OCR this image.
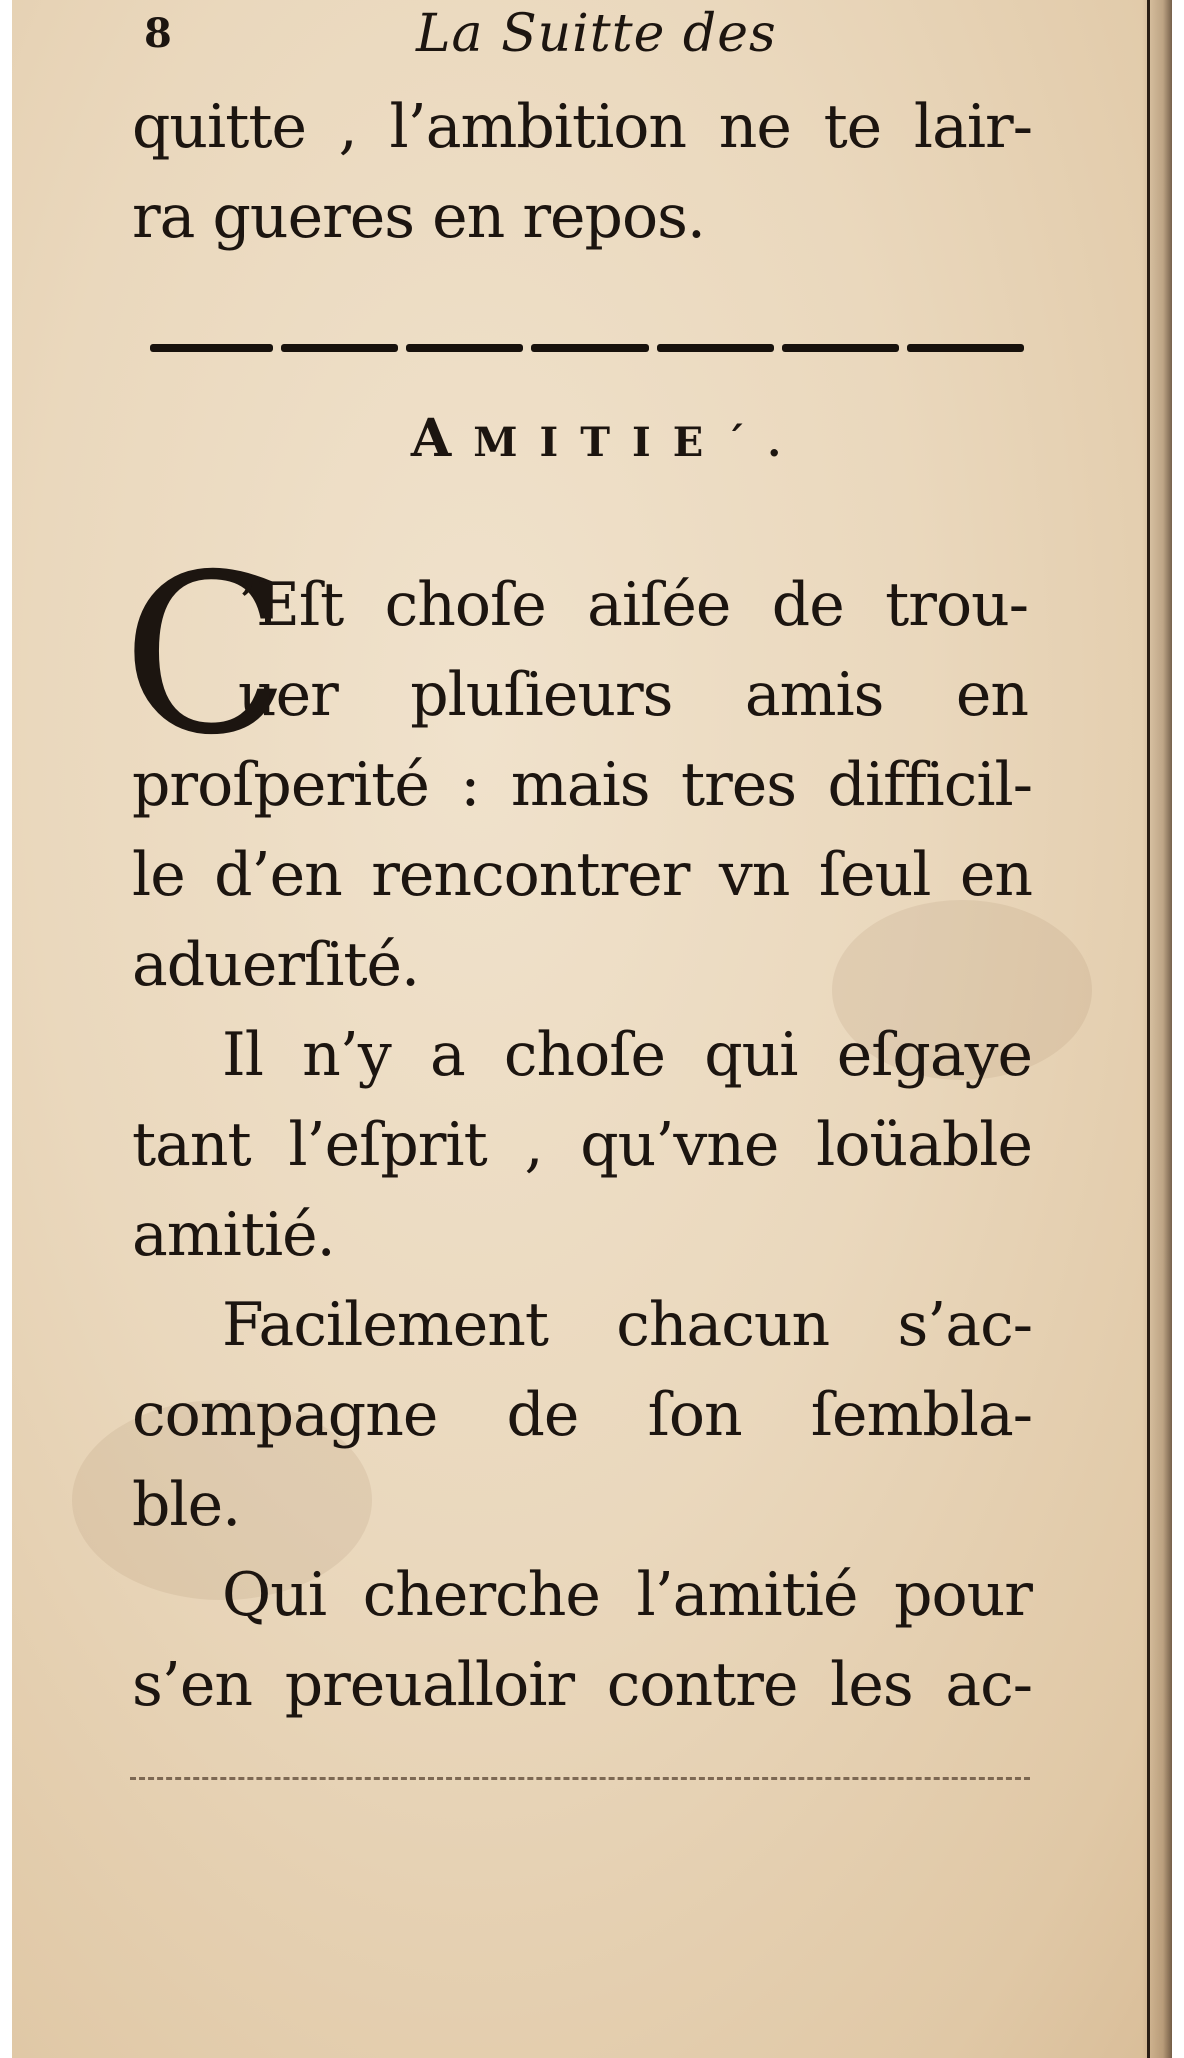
8	La Suitte des
quitte , l’ambition ne te lair-
ra gueres en repos.
AMITIE´.
C
’Eſt choſe aiſée de trou-
uer pluſieurs amis en
proſperité : mais tres difficil-
le d’en rencontrer vn ſeul en
aduerſité.
Il n’y a choſe qui eſgaye
tant l’eſprit , qu’vne loüable
amitié.
Facilement chacun s’ac-
compagne de ſon ſembla-
ble.
Qui cherche l’amitié pour
s’en preualloir contre les ac-
